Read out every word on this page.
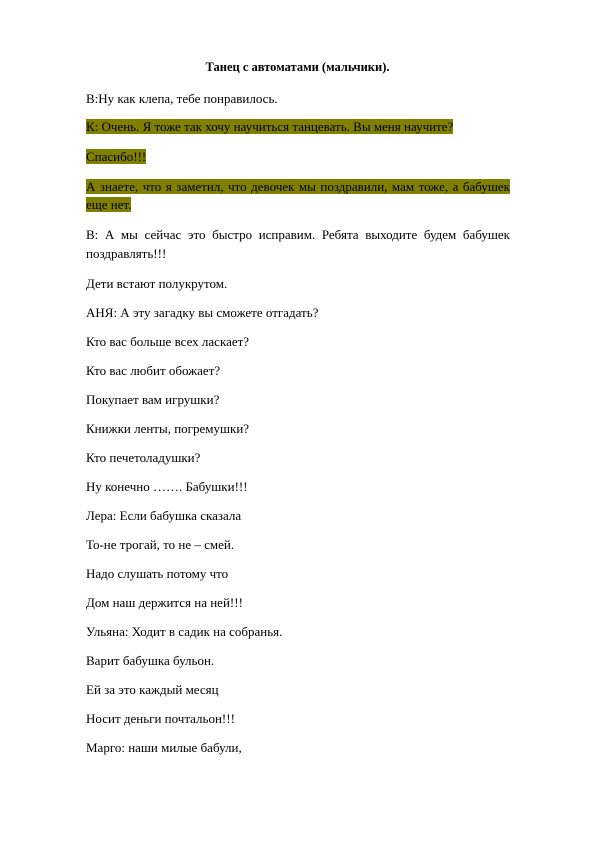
Танец с автоматами (мальчики).
В:Ну как клепа, тебе понравилось.
К: Очень. Я тоже так хочу научиться танцевать. Вы меня научите?
Спасибо!!!
А знаете, что я заметил, что девочек мы поздравили, мам тоже, а бабушек еще нет.
В: А мы сейчас это быстро исправим. Ребята выходите будем бабушек поздравлять!!!
Дети встают полукрутом.
АНЯ: А эту загадку вы сможете отгадать?
Кто вас больше всех ласкает?
Кто вас любит обожает?
Покупает вам игрушки?
Книжки ленты, погремушки?
Кто печетоладушки?
Ну конечно ……. Бабушки!!!
Лера: Если бабушка сказала
То-не трогай, то не – смей.
Надо слушать потому что
Дом наш держится на ней!!!
Ульяна: Ходит в садик на собранья.
Варит бабушка бульон.
Ей за это каждый месяц
Носит деньги почтальон!!!
Марго: наши милые бабули,
